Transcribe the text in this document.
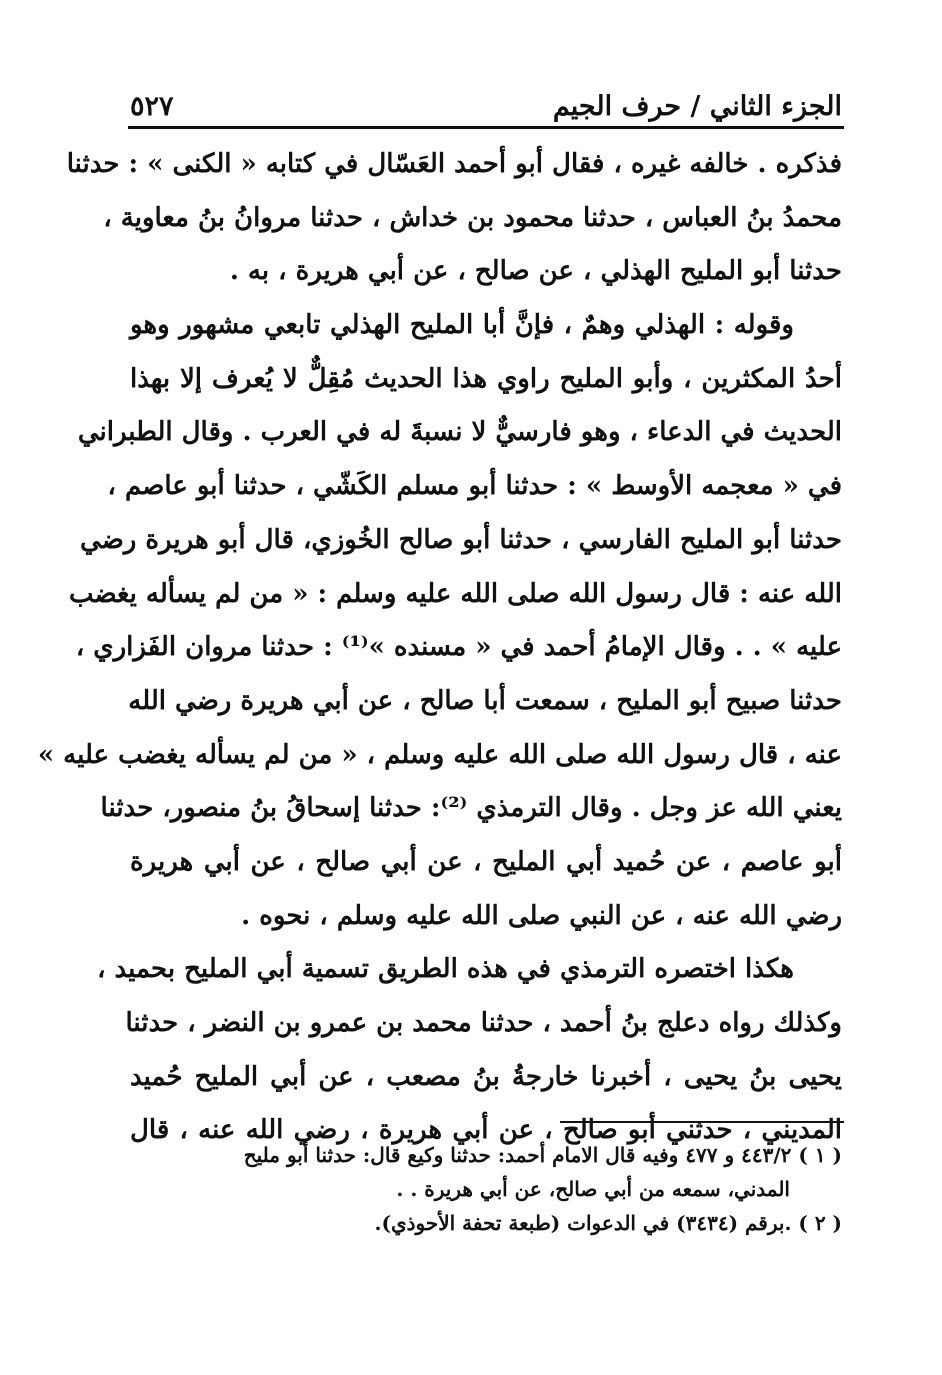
الجزء الثاني / حرف الجيم
٥٢٧
فذكره . خالفه غيره ، فقال أبو أحمد العَسّال في كتابه « الكنى » : حدثنا
محمدُ بنُ العباس ، حدثنا محمود بن خداش ، حدثنا مروانُ بنُ معاوية ،
حدثنا أبو المليح الهذلي ، عن صالح ، عن أبي هريرة ، به .
وقوله : الهذلي وهمٌ ، فإنَّ أبا المليح الهذلي تابعي مشهور وهو
أحدُ المكثرين ، وأبو المليح راوي هذا الحديث مُقِلٌّ لا يُعرف إلا بهذا
الحديث في الدعاء ، وهو فارسيٌّ لا نسبةَ له في العرب . وقال الطبراني
في « معجمه الأوسط » : حدثنا أبو مسلم الكَشّي ، حدثنا أبو عاصم ،
حدثنا أبو المليح الفارسي ، حدثنا أبو صالح الخُوزي، قال أبو هريرة رضي
الله عنه : قال رسول الله صلى الله عليه وسلم : « من لم يسأله يغضب
عليه » . . وقال الإمامُ أحمد في « مسنده »⁽¹⁾ : حدثنا مروان الفَزاري ،
حدثنا صبيح أبو المليح ، سمعت أبا صالح ، عن أبي هريرة رضي الله
عنه ، قال رسول الله صلى الله عليه وسلم ، « من لم يسأله يغضب عليه »
يعني الله عز وجل . وقال الترمذي ⁽²⁾: حدثنا إسحاقُ بنُ منصور، حدثنا
أبو عاصم ، عن حُميد أبي المليح ، عن أبي صالح ، عن أبي هريرة
رضي الله عنه ، عن النبي صلى الله عليه وسلم ، نحوه .
هكذا اختصره الترمذي في هذه الطريق تسمية أبي المليح بحميد ،
وكذلك رواه دعلج بنُ أحمد ، حدثنا محمد بن عمرو بن النضر ، حدثنا
يحيى بنُ يحيى ، أخبرنا خارجةُ بنُ مصعب ، عن أبي المليح حُميد
المديني ، حدثني أبو صالح ، عن أبي هريرة ، رضي الله عنه ، قال
( ١ ) ٤٤٣/٢ و ٤٧٧ وفيه قال الامام أحمد: حدثنا وكيع قال: حدثنا أبو مليح
المدني، سمعه من أبي صالح، عن أبي هريرة . .
( ٢ ) .برقم (٣٤٣٤) في الدعوات (طبعة تحفة الأحوذي).
